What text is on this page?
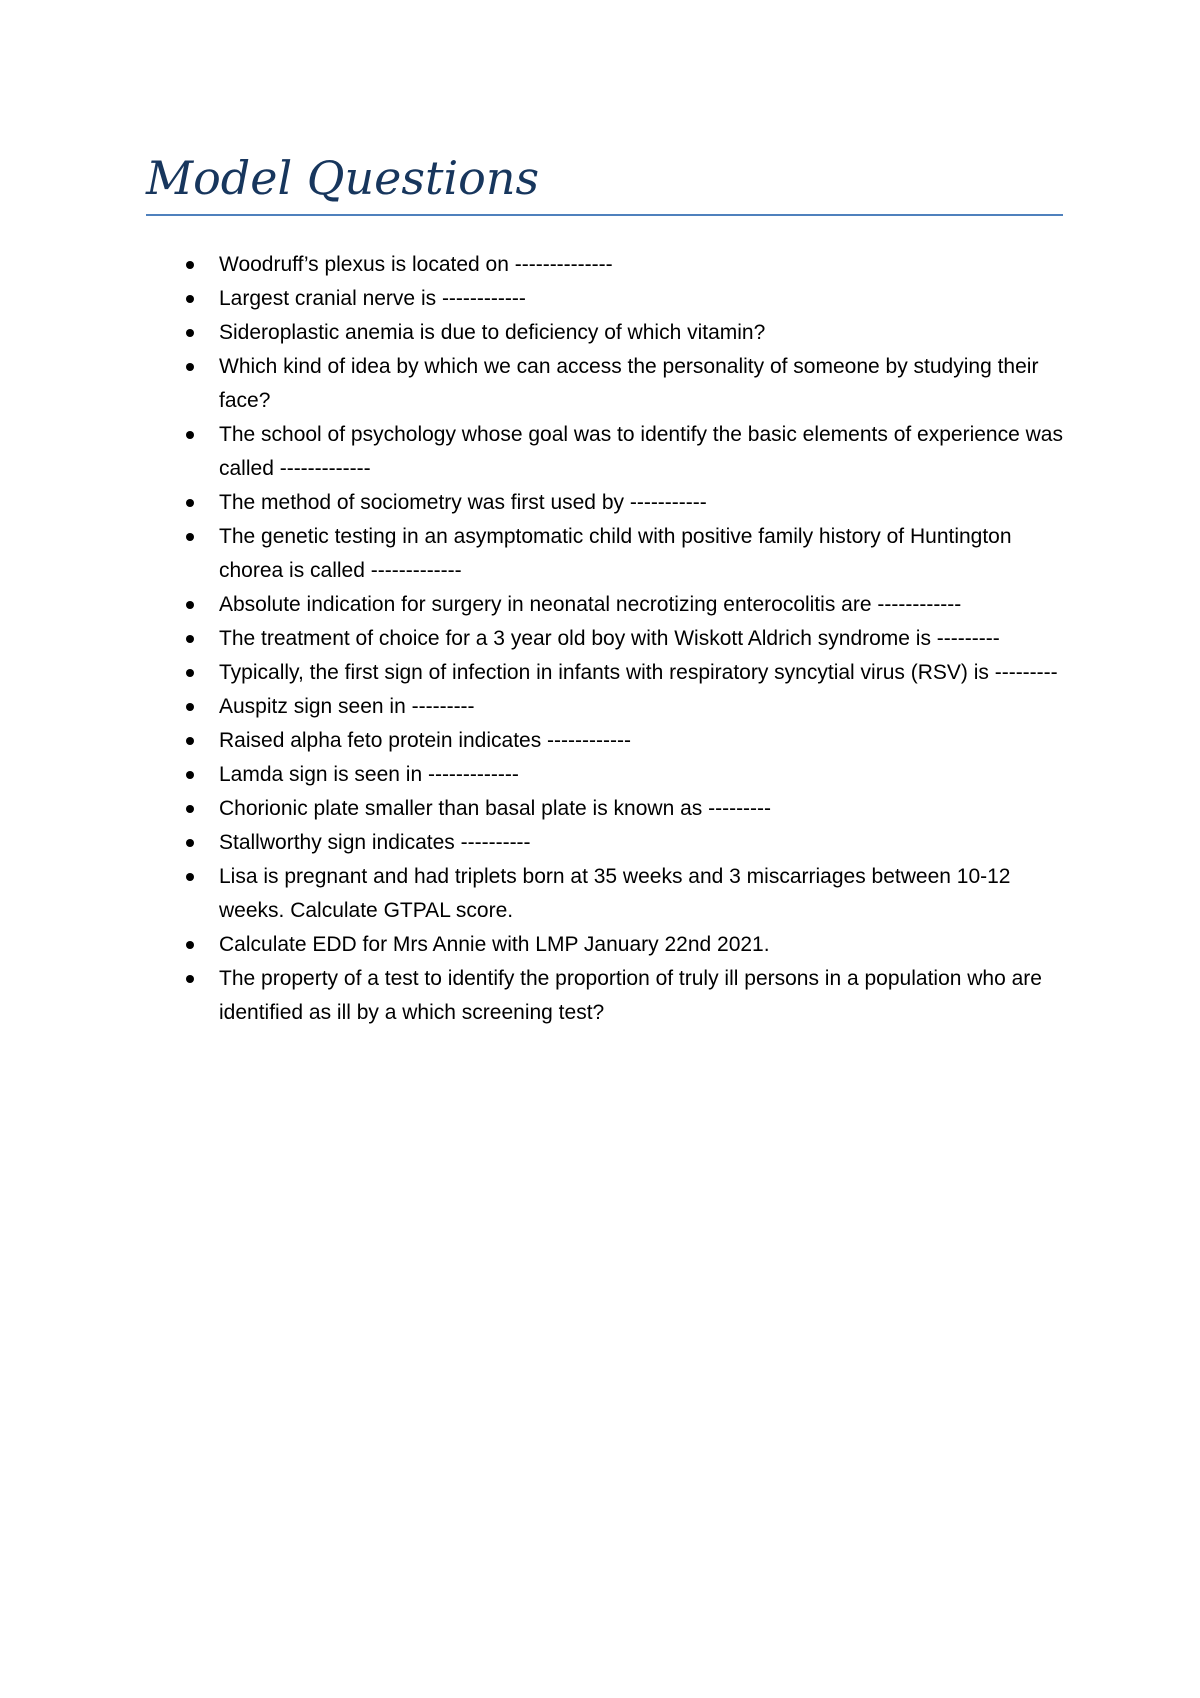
Model Questions
Woodruff’s plexus is located on --------------
Largest cranial nerve is ------------
Sideroplastic anemia is due to deficiency of which vitamin?
Which kind of idea by which we can access the personality of someone by studying their face?
The school of psychology whose goal was to identify the basic elements of experience was called -------------
The method of sociometry was first used by -----------
The genetic testing in an asymptomatic child with positive family history of Huntington chorea is called -------------
Absolute indication for surgery in neonatal necrotizing enterocolitis are ------------
The treatment of choice for a 3 year old boy with Wiskott Aldrich syndrome is ---------
Typically, the first sign of infection in infants with respiratory syncytial virus (RSV) is ---------
Auspitz sign seen in ---------
Raised alpha feto protein indicates ------------
Lamda sign is seen in -------------
Chorionic plate smaller than basal plate is known as ---------
Stallworthy sign indicates ----------
Lisa is pregnant and had triplets born at 35 weeks and 3 miscarriages between 10-12 weeks. Calculate GTPAL score.
Calculate EDD for Mrs Annie with LMP January 22nd 2021.
The property of a test to identify the proportion of truly ill persons in a population who are identified as ill by a which screening test?
